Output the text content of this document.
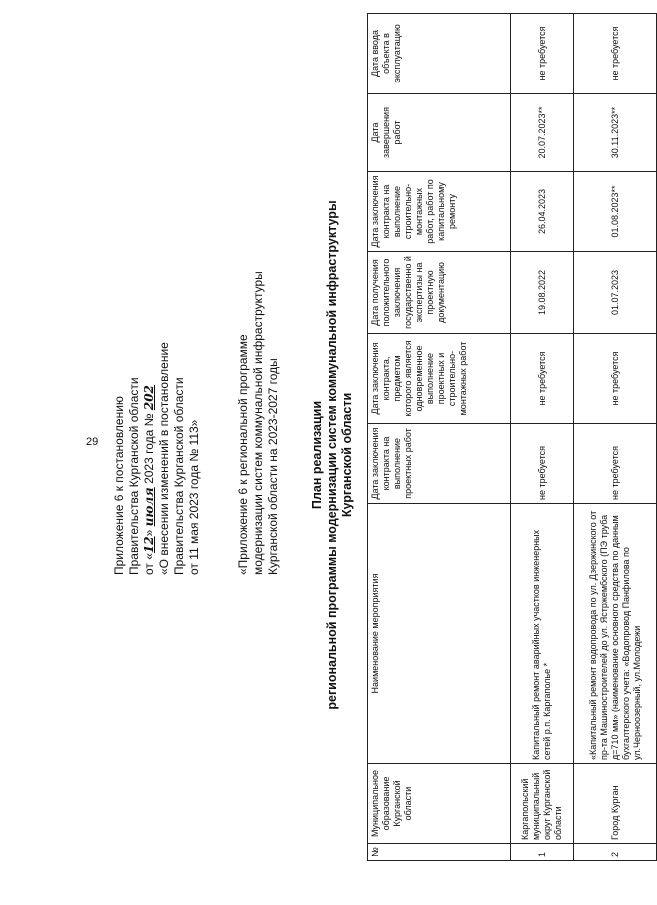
29 Приложение 6 к постановлению Правительства Курганской области от «12» июля 2023 года № 202 «О внесении изменений в постановление Правительства Курганской области от 11 мая 2023 года № 113»	«Приложение 6 к региональной программе модернизации систем коммунальной инфраструктуры Курганской области на 2023-2027 годы План реализации региональной программы модернизации систем коммунальной инфраструктуры Курганской области
№	Муниципальное образование Курганской области	Наименование мероприятия	Дата заключения контракта на выполнение проектных работ	Дата заключения контракта, предметом которого является одновременное выполнение проектных и строительно-монтажных работ	Дата получения положительного заключения государственно й экспертизы на проектную документацию	Дата заключения контракта на выполнение строительно-монтажных работ, работ по капитальному ремонту	Дата завершения работ	Дата ввода объекта в эксплуатацию
1	Каргапольский муниципальный округ Курганской области	Капитальный ремонт аварийных участков инженерных сетей р.п. Каргаполье *	не требуется	не требуется	19.08.2022	26.04.2023	20.07.2023**	не требуется
2	Город Курган	«Капитальный ремонт водопровода по ул. Дзержинского от пр-та Машиностроителей до ул. Ястржембского (ПЭ труба д=710 мм» (наименование основного средства по данным бухгалтерского учета: «Водопровод Панфилова по ул.Черноозерный, ул.Молодежи	не требуется	не требуется	01.07.2023	01.08.2023**	30.11.2023**	не требуется
